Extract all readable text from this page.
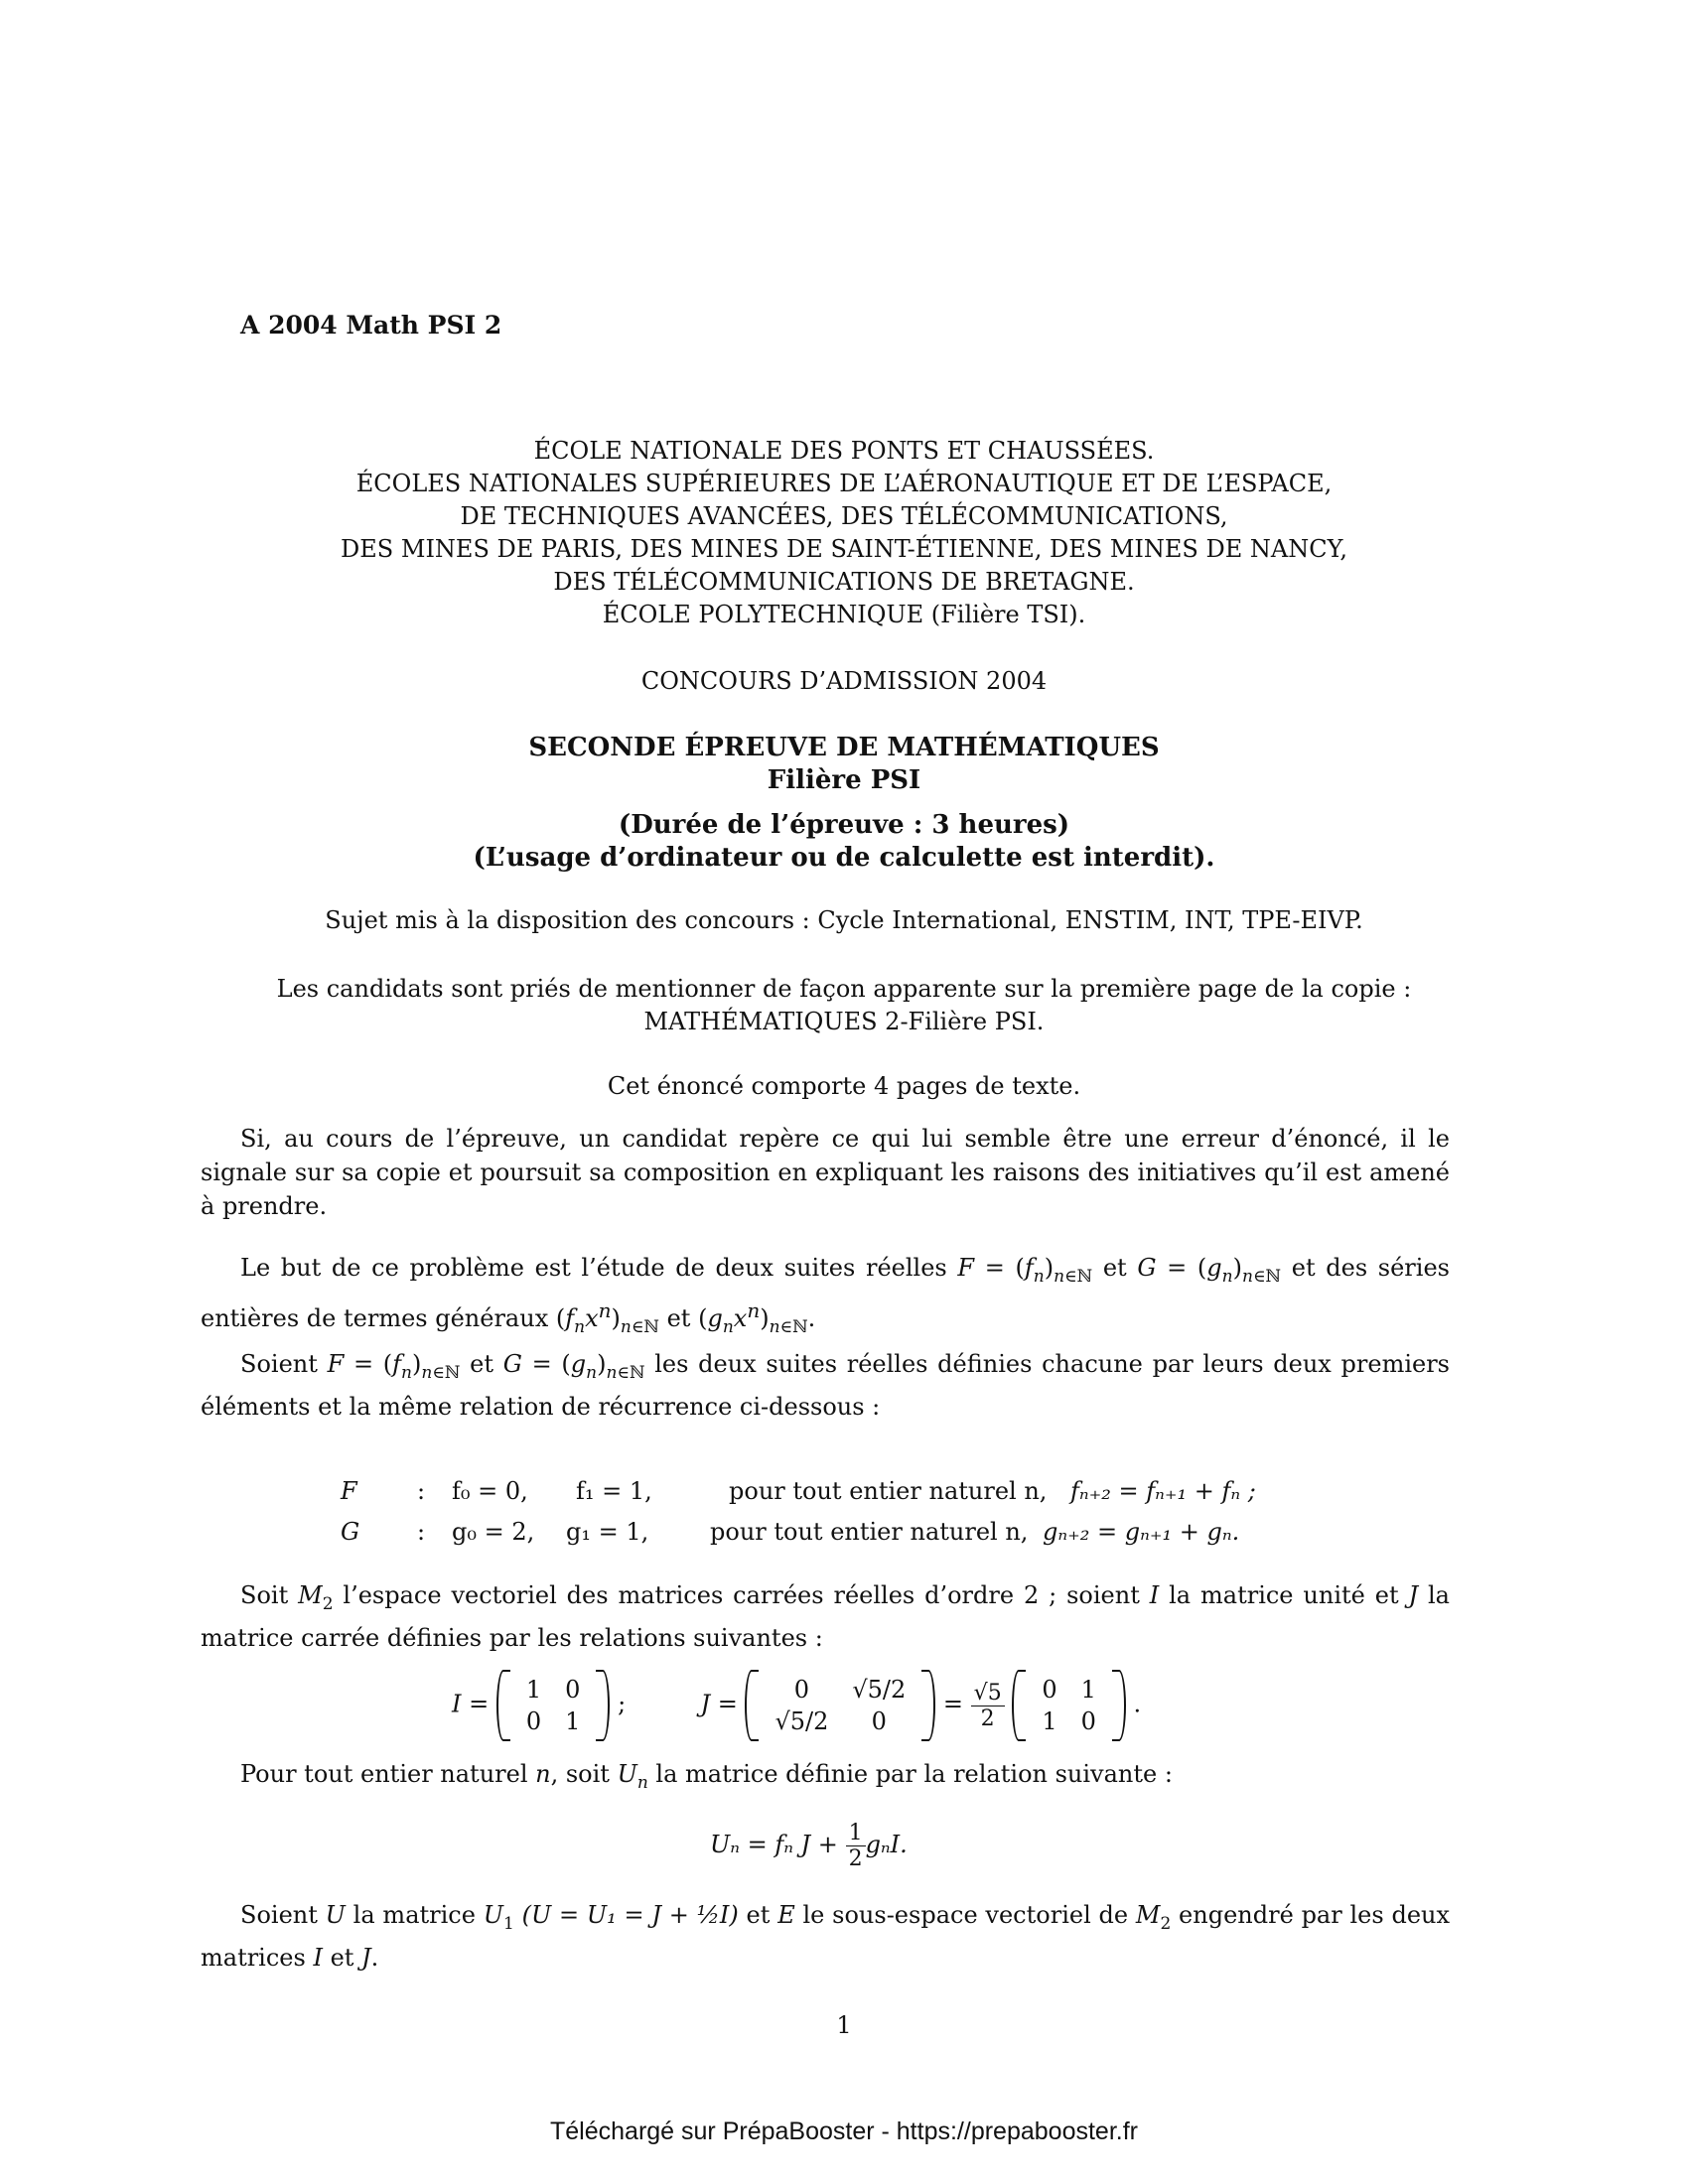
A 2004 Math PSI 2
ÉCOLE NATIONALE DES PONTS ET CHAUSSÉES.
ÉCOLES NATIONALES SUPÉRIEURES DE L’AÉRONAUTIQUE ET DE L’ESPACE,
DE TECHNIQUES AVANCÉES, DES TÉLÉCOMMUNICATIONS,
DES MINES DE PARIS, DES MINES DE SAINT-ÉTIENNE, DES MINES DE NANCY,
DES TÉLÉCOMMUNICATIONS DE BRETAGNE.
ÉCOLE POLYTECHNIQUE (Filière TSI).
CONCOURS D’ADMISSION 2004
SECONDE ÉPREUVE DE MATHÉMATIQUES
Filière PSI
(Durée de l’épreuve : 3 heures)
(L’usage d’ordinateur ou de calculette est interdit).
Sujet mis à la disposition des concours : Cycle International, ENSTIM, INT, TPE-EIVP.
Les candidats sont priés de mentionner de façon apparente sur la première page de la copie :
MATHÉMATIQUES 2-Filière PSI.
Cet énoncé comporte 4 pages de texte.
Si, au cours de l’épreuve, un candidat repère ce qui lui semble être une erreur d’énoncé, il le signale sur sa copie et poursuit sa composition en expliquant les raisons des initiatives qu’il est amené à prendre.
Le but de ce problème est l’étude de deux suites réelles $F = (f_n)_{n\in ℕ}$ et $G = (g_n)_{n\in ℕ}$ et des séries entières de termes généraux $(f_nx^n)_{n\in ℕ}$ et $(g_nx^n)_{n\in ℕ}$.
Soient $F = (f_n)_{n\in ℕ}$ et $G = (g_n)_{n\in ℕ}$ les deux suites réelles définies chacune par leurs deux premiers éléments et la même relation de récurrence ci-dessous :
F	: f₀ = 0, f₁ = 1,	pour tout entier naturel n, fₙ₊₂ = fₙ₊₁ + fₙ ;
G : g₀ = 2, g₁ = 1,	pour tout entier naturel n, gₙ₊₂ = gₙ₊₁ + gₙ.
Soit $M_2$ l’espace vectoriel des matrices carrées réelles d’ordre 2 ; soient I la matrice unité et J la matrice carrée définies par les relations suivantes :
I =
1	0
0	1
;	J =
0	√5/2
√5/2	0
= $\frac{√5}{2}$
0	1
1	0
.
Pour tout entier naturel n, soit $U_n$ la matrice définie par la relation suivante :
Uₙ = fₙ $J + \frac{1}{2} g_nI$.
Soient U la matrice $U_1$ (U = U₁ = J + ½I) et E le sous-espace vectoriel de $M_2$ engendré par les deux matrices I et J.
1
Téléchargé sur PrépaBooster - https://prepabooster.fr
